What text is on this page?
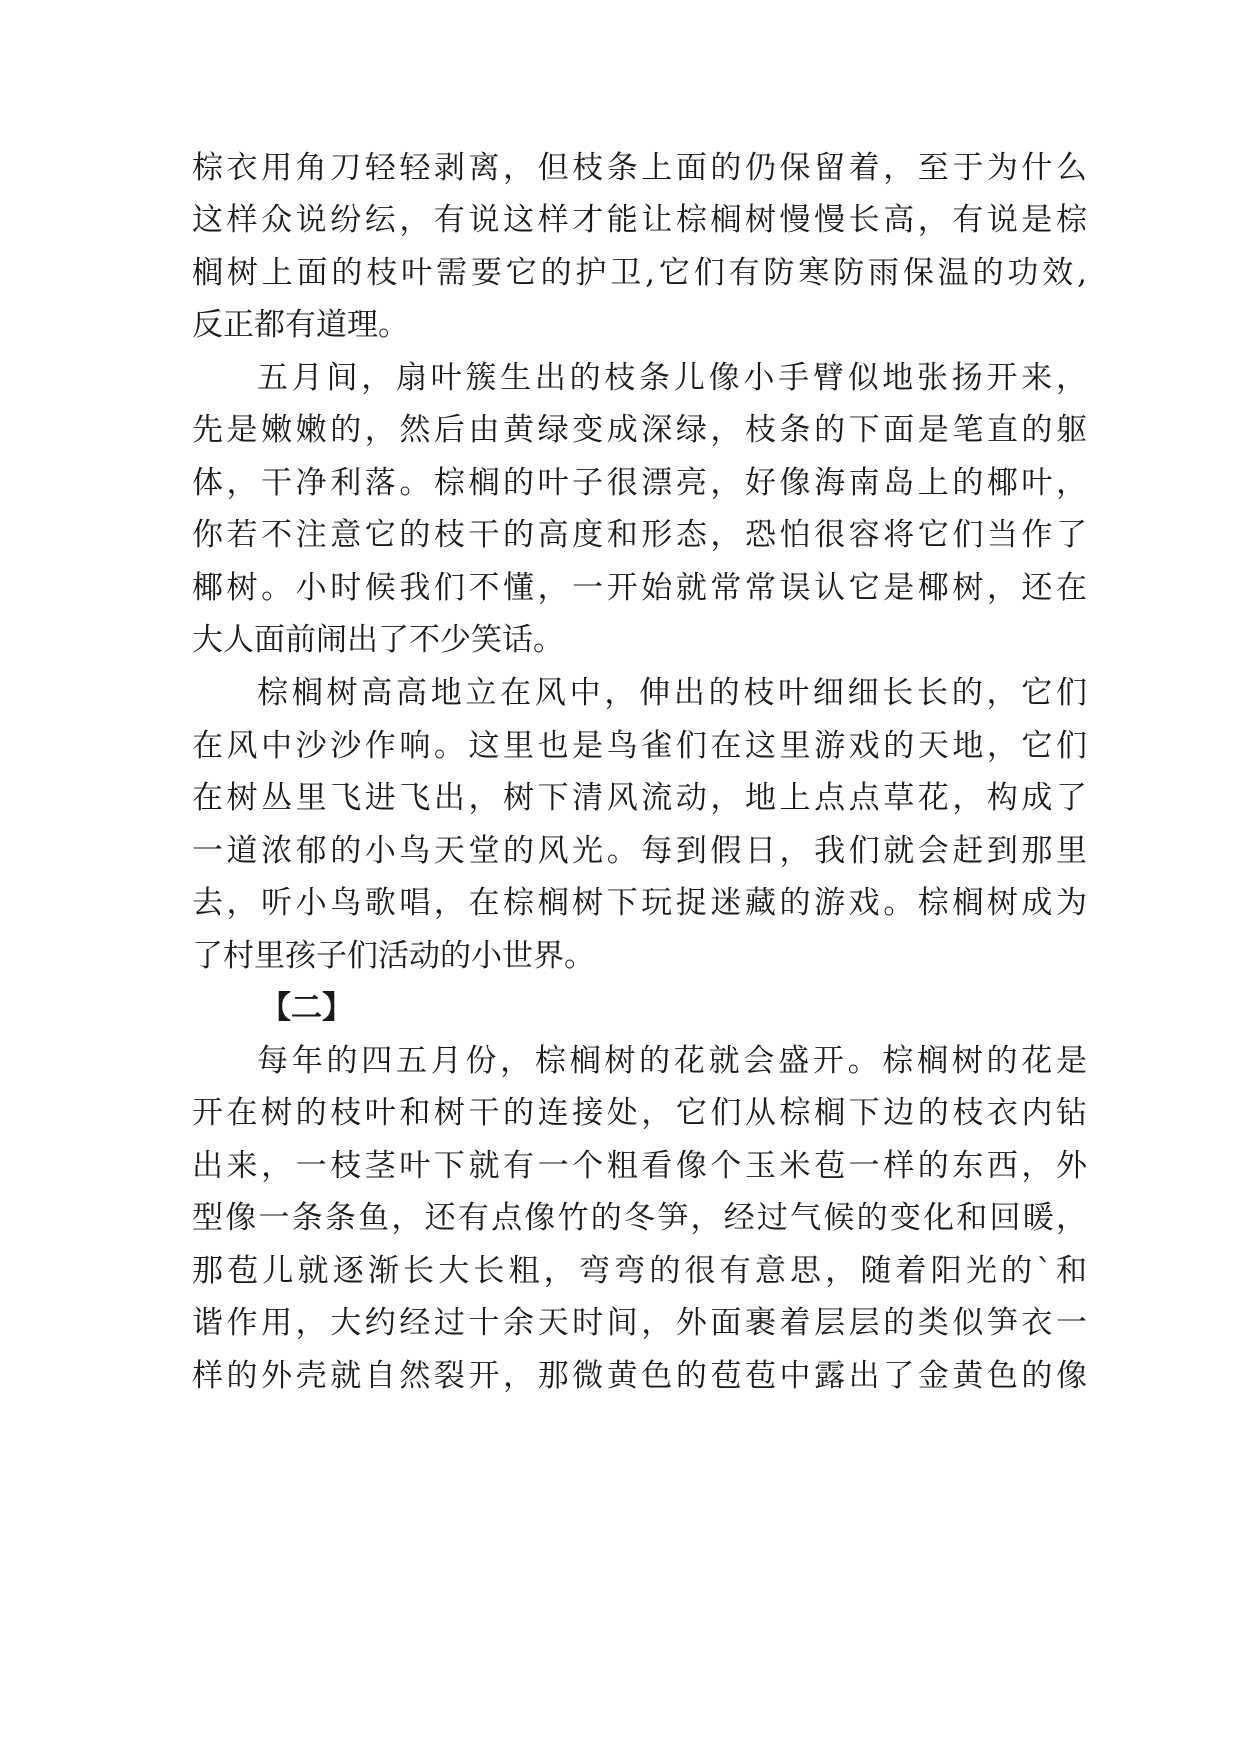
棕衣用角刀轻轻剥离，但枝条上面的仍保留着，至于为什么
这样众说纷纭，有说这样才能让棕榈树慢慢长高，有说是棕
榈树上面的枝叶需要它的护卫,它们有防寒防雨保温的功效,
反正都有道理。
五月间，扇叶簇生出的枝条儿像小手臂似地张扬开来，
先是嫩嫩的，然后由黄绿变成深绿，枝条的下面是笔直的躯
体，干净利落。棕榈的叶子很漂亮，好像海南岛上的椰叶，
你若不注意它的枝干的高度和形态，恐怕很容将它们当作了
椰树。小时候我们不懂，一开始就常常误认它是椰树，还在
大人面前闹出了不少笑话。
棕榈树高高地立在风中，伸出的枝叶细细长长的，它们
在风中沙沙作响。这里也是鸟雀们在这里游戏的天地，它们
在树丛里飞进飞出，树下清风流动，地上点点草花，构成了
一道浓郁的小鸟天堂的风光。每到假日，我们就会赶到那里
去，听小鸟歌唱，在棕榈树下玩捉迷藏的游戏。棕榈树成为
了村里孩子们活动的小世界。
【二】
每年的四五月份，棕榈树的花就会盛开。棕榈树的花是
开在树的枝叶和树干的连接处，它们从棕榈下边的枝衣内钻
出来，一枝茎叶下就有一个粗看像个玉米苞一样的东西，外
型像一条条鱼，还有点像竹的冬笋，经过气候的变化和回暖，
那苞儿就逐渐长大长粗，弯弯的很有意思，随着阳光的`和
谐作用，大约经过十余天时间，外面裹着层层的类似笋衣一
样的外壳就自然裂开，那微黄色的苞苞中露出了金黄色的像
